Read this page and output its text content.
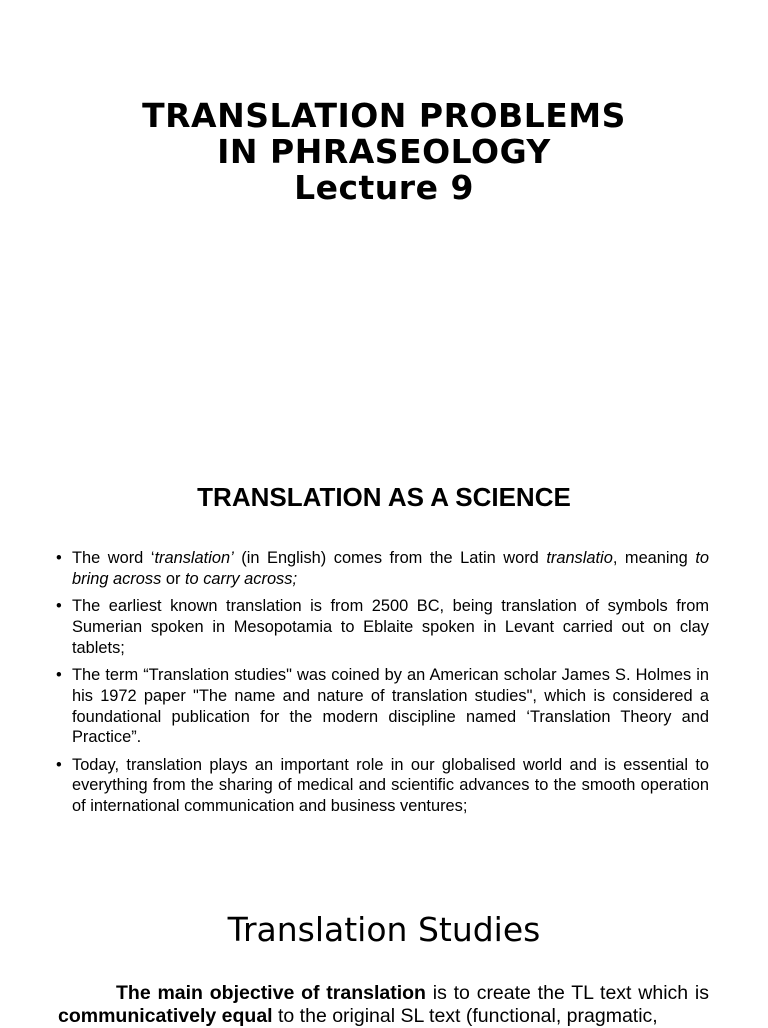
TRANSLATION PROBLEMS
IN PHRASEOLOGY
Lecture 9
TRANSLATION AS A SCIENCE
• The word ‘translation’ (in English) comes from the Latin word translatio, meaning to bring across or to carry across;
• The earliest known translation is from 2500 BC, being translation of symbols from Sumerian spoken in Mesopotamia to Eblaite spoken in Levant carried out on clay tablets;
• The term “Translation studies" was coined by an American scholar James S. Holmes in his 1972 paper "The name and nature of translation studies", which is considered a foundational publication for the modern discipline named ‘Translation Theory and Practice”.
• Today, translation plays an important role in our globalised world and is essential to everything from the sharing of medical and scientific advances to the smooth operation of international communication and business ventures;
Translation Studies
The main objective of translation is to create the TL text which is communicatively equal to the original SL text (functional, pragmatic,
